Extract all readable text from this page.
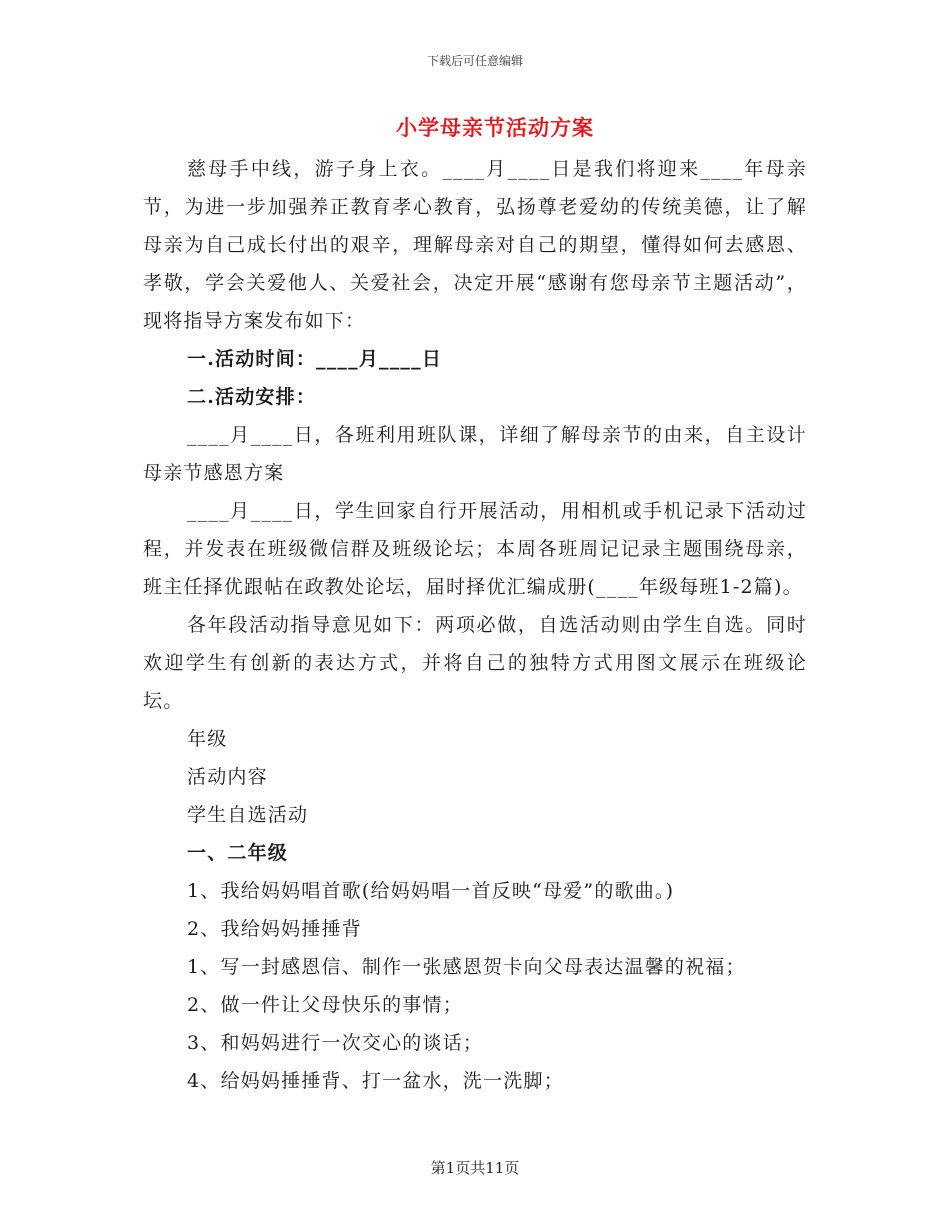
下载后可任意编辑
小学母亲节活动方案

慈母手中线，游子身上衣。____月____日是我们将迎来____年母亲节，为进一步加强养正教育孝心教育，弘扬尊老爱幼的传统美德，让了解母亲为自己成长付出的艰辛，理解母亲对自己的期望，懂得如何去感恩、孝敬，学会关爱他人、关爱社会，决定开展“感谢有您母亲节主题活动”，现将指导方案发布如下：

一.活动时间：____月____日

二.活动安排：

____月____日，各班利用班队课，详细了解母亲节的由来，自主设计母亲节感恩方案

____月____日，学生回家自行开展活动，用相机或手机记录下活动过程，并发表在班级微信群及班级论坛；本周各班周记记录主题围绕母亲，班主任择优跟帖在政教处论坛，届时择优汇编成册(____年级每班1-2篇)。

各年段活动指导意见如下：两项必做，自选活动则由学生自选。同时欢迎学生有创新的表达方式，并将自己的独特方式用图文展示在班级论坛。

年级

活动内容

学生自选活动

一、二年级

1、我给妈妈唱首歌(给妈妈唱一首反映“母爱”的歌曲。)

2、我给妈妈捶捶背

1、写一封感恩信、制作一张感恩贺卡向父母表达温馨的祝福；

2、做一件让父母快乐的事情；

3、和妈妈进行一次交心的谈话；

4、给妈妈捶捶背、打一盆水，洗一洗脚；

第1页共11页
